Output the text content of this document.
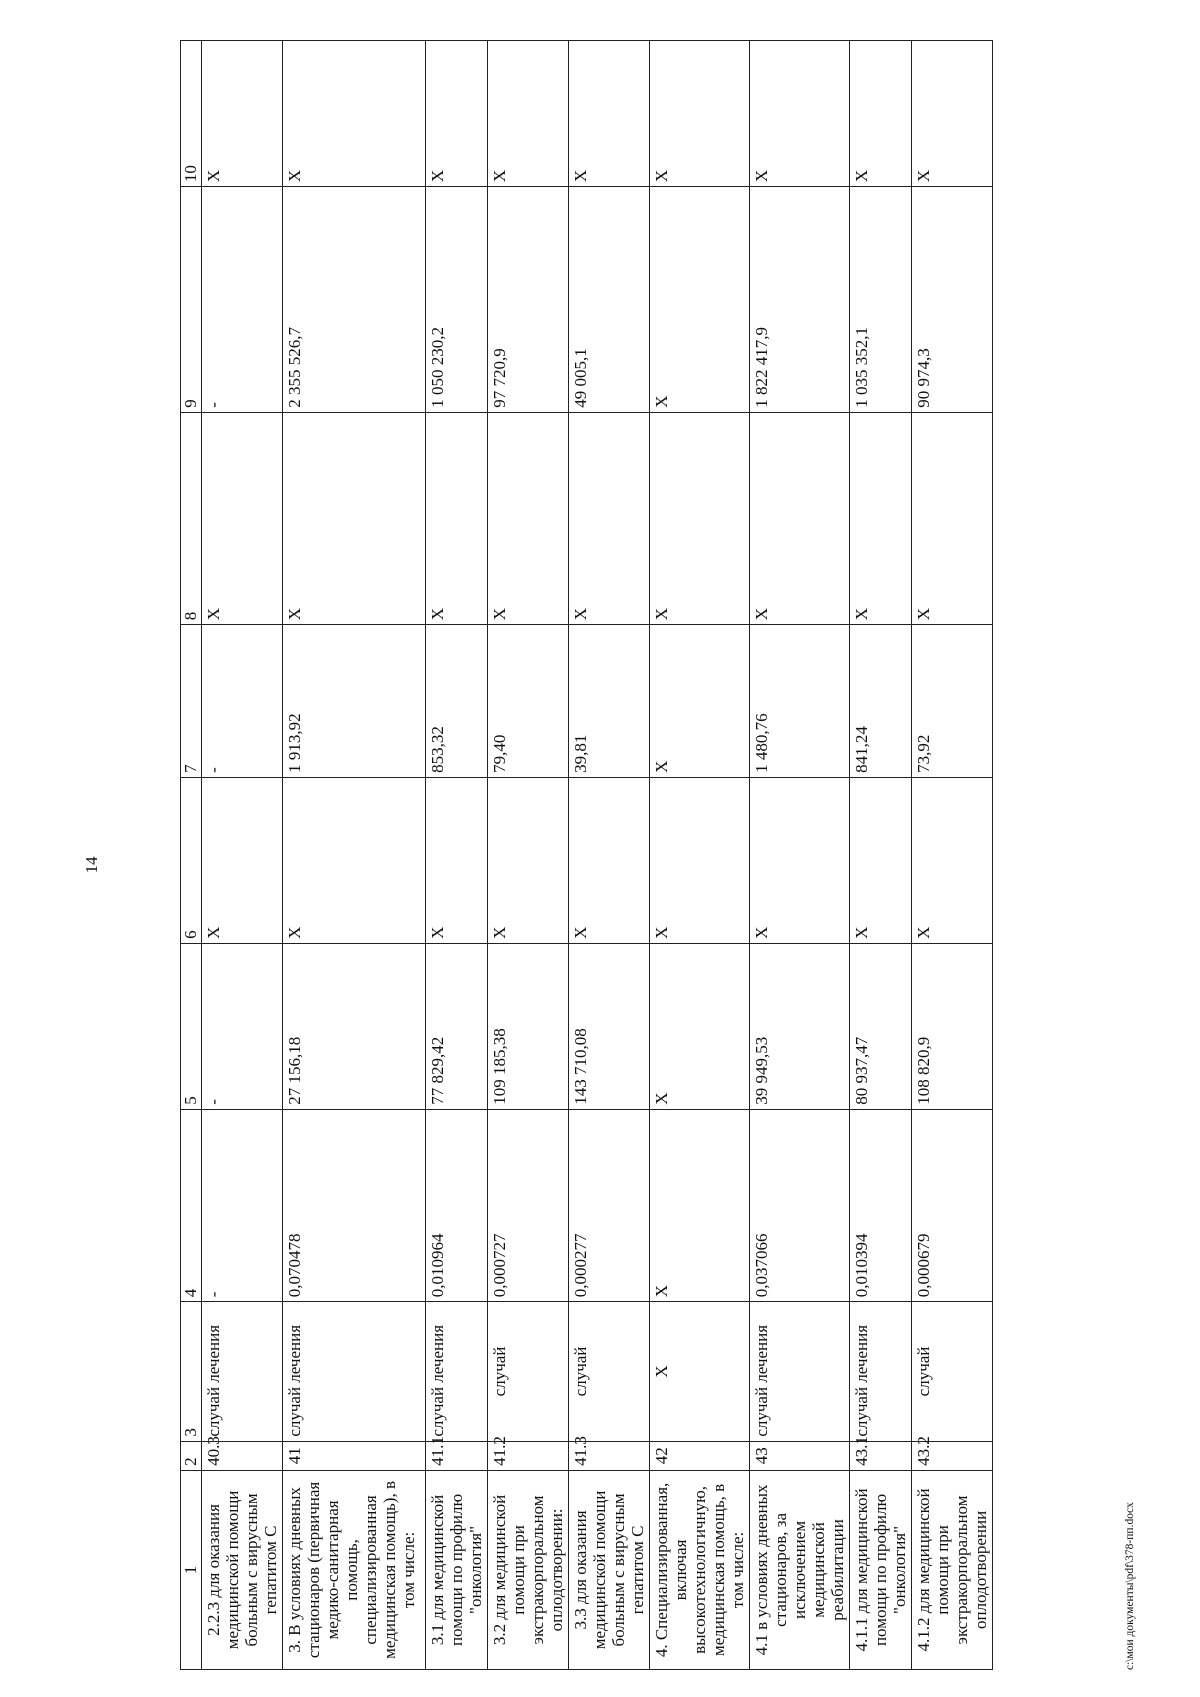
14
1	2	3	4	5	6	7	8	9	10
2.2.3 для оказания медицинской помощи больным с вирусным гепатитом С	40.3	случай лечения	-	-	X	-	X	-	X
3. В условиях дневных стационаров (первичная медико-санитарная помощь, специализированная медицинская помощь), в том числе:	41	случай лечения	0,070478	27 156,18	X	1 913,92	X	2 355 526,7	X
3.1 для медицинской помощи по профилю "онкология"	41.1	случай лечения	0,010964	77 829,42	X	853,32	X	1 050 230,2	X
3.2 для медицинской помощи при экстракорпоральном оплодотворении:	41.2	случай	0,000727	109 185,38	X	79,40	X	97 720,9	X
3.3 для оказания медицинской помощи больным с вирусным гепатитом С	41.3	случай	0,000277	143 710,08	X	39,81	X	49 005,1	X
4. Специализированная, включая высокотехнологичную, медицинская помощь, в том числе:	42	X	X	X	X	X	X	X	X
4.1 в условиях дневных стационаров, за исключением медицинской реабилитации	43	случай лечения	0,037066	39 949,53	X	1 480,76	X	1 822 417,9	X
4.1.1 для медицинской помощи по профилю "онкология"	43.1	случай лечения	0,010394	80 937,47	X	841,24	X	1 035 352,1	X
4.1.2 для медицинской помощи при экстракорпоральном оплодотворении	43.2	случай	0,000679	108 820,9	X	73,92	X	90 974,3	X
c:\мои документы\pdf\378-пп.docx
